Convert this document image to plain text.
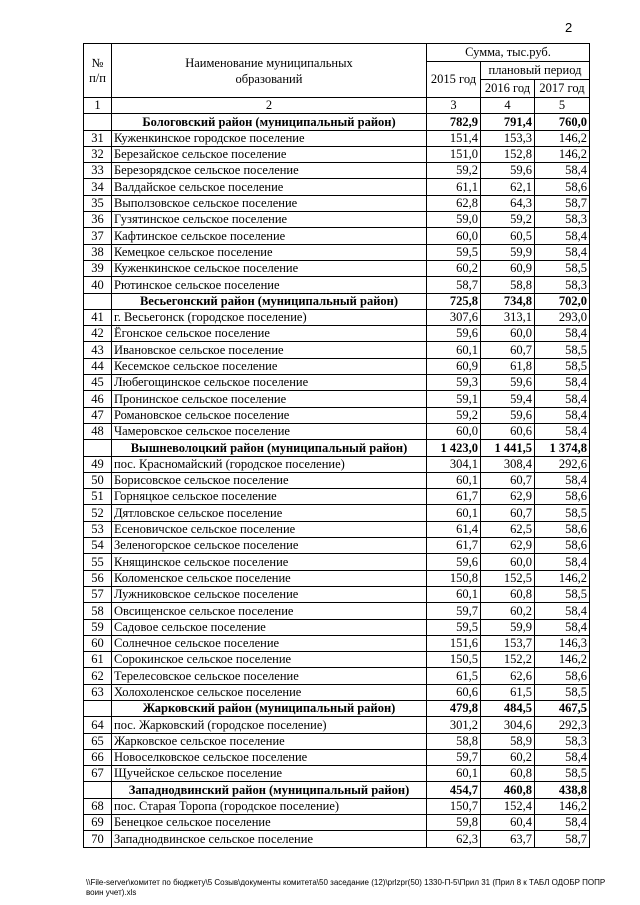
2
№ п/п	Наименование муниципальных образований	Сумма, тыс.руб.		
		2015 год	плановый период	
			2016 год	2017 год
1	2	3	4	5
	Бологовский район (муниципальный район)	782,9	791,4	760,0
31	Куженкинское городское поселение	151,4	153,3	146,2
32	Березайское сельское поселение	151,0	152,8	146,2
33	Березорядское сельское поселение	59,2	59,6	58,4
34	Валдайское сельское поселение	61,1	62,1	58,6
35	Выползовское сельское поселение	62,8	64,3	58,7
36	Гузятинское сельское поселение	59,0	59,2	58,3
37	Кафтинское сельское поселение	60,0	60,5	58,4
38	Кемецкое сельское поселение	59,5	59,9	58,4
39	Куженкинское сельское поселение	60,2	60,9	58,5
40	Рютинское сельское поселение	58,7	58,8	58,3
	Весьегонский район (муниципальный район)	725,8	734,8	702,0
41	г. Весьегонск (городское поселение)	307,6	313,1	293,0
42	Ёгонское сельское поселение	59,6	60,0	58,4
43	Ивановское сельское поселение	60,1	60,7	58,5
44	Кесемское сельское поселение	60,9	61,8	58,5
45	Любегощинское сельское поселение	59,3	59,6	58,4
46	Пронинское сельское поселение	59,1	59,4	58,4
47	Романовское сельское поселение	59,2	59,6	58,4
48	Чамеровское сельское поселение	60,0	60,6	58,4
	Вышневолоцкий район (муниципальный район)	1 423,0	1 441,5	1 374,8
49	пос. Красномайский (городское поселение)	304,1	308,4	292,6
50	Борисовское сельское поселение	60,1	60,7	58,4
51	Горняцкое сельское поселение	61,7	62,9	58,6
52	Дятловское сельское поселение	60,1	60,7	58,5
53	Есеновичское сельское поселение	61,4	62,5	58,6
54	Зеленогорское сельское поселение	61,7	62,9	58,6
55	Княщинское сельское поселение	59,6	60,0	58,4
56	Коломенское сельское поселение	150,8	152,5	146,2
57	Лужниковское сельское поселение	60,1	60,8	58,5
58	Овсищенское сельское поселение	59,7	60,2	58,4
59	Садовое сельское поселение	59,5	59,9	58,4
60	Солнечное сельское поселение	151,6	153,7	146,3
61	Сорокинское сельское поселение	150,5	152,2	146,2
62	Терелесовское сельское поселение	61,5	62,6	58,6
63	Холохоленское сельское поселение	60,6	61,5	58,5
	Жарковский район (муниципальный район)	479,8	484,5	467,5
64	пос. Жарковский (городское поселение)	301,2	304,6	292,3
65	Жарковское сельское поселение	58,8	58,9	58,3
66	Новоселковское сельское поселение	59,7	60,2	58,4
67	Щучейское сельское поселение	60,1	60,8	58,5
	Западнодвинский район (муниципальный район)	454,7	460,8	438,8
68	пос. Старая Торопа (городское поселение)	150,7	152,4	146,2
69	Бенецкое сельское поселение	59,8	60,4	58,4
70	Западнодвинское сельское поселение	62,3	63,7	58,7
\\File-server\комитет по бюджету\5 Созыв\документы комитета\50 заседание (12)\prlzpr(50) 1330-П-5\Прил 31 (Прил 8 к ТАБЛ ОДОБР ПОПР воин учет).xls
